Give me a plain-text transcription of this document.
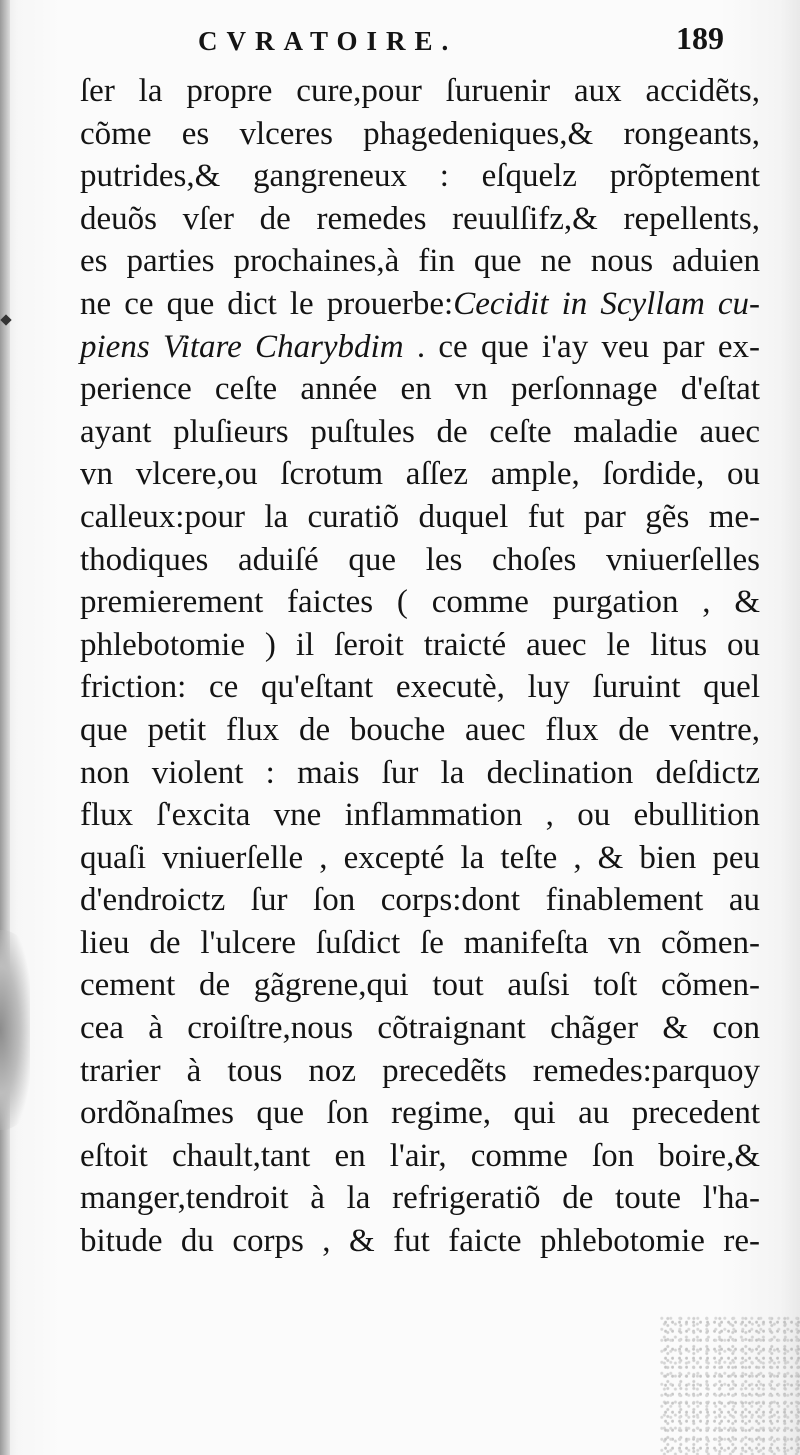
CVRATOIRE.	189
ſer la propre cure,pour ſuruenir aux accidẽts,
cõme es vlceres phagedeniques,& rongeants,
putrides,& gangreneux : eſquelz prõptement
deuõs vſer de remedes reuulſifz,& repellents,
es parties prochaines,à fin que ne nous aduien
ne ce que dict le prouerbe:Cecidit in Scyllam cu-
piens Vitare Charybdim . ce que i'ay veu par ex-
perience ceſte année en vn perſonnage d'eſtat
ayant pluſieurs puſtules de ceſte maladie auec
vn vlcere,ou ſcrotum aſſez ample, ſordide, ou
calleux:pour la curatiõ duquel fut par gẽs me-
thodiques aduiſé que les choſes vniuerſelles
premierement faictes ( comme purgation , &
phlebotomie ) il ſeroit traicté auec le litus ou
friction: ce qu'eſtant executè, luy ſuruint quel
que petit flux de bouche auec flux de ventre,
non violent : mais ſur la declination deſdictz
flux ſ'excita vne inflammation , ou ebullition
quaſi vniuerſelle , excepté la teſte , & bien peu
d'endroictz ſur ſon corps:dont finablement au
lieu de l'ulcere ſuſdict ſe manifeſta vn cõmen-
cement de gãgrene,qui tout auſsi toſt cõmen-
cea à croiſtre,nous cõtraignant chãger & con
trarier à tous noz precedẽts remedes:parquoy
ordõnaſmes que ſon regime, qui au precedent
eſtoit chault,tant en l'air, comme ſon boire,&
manger,tendroit à la refrigeratiõ de toute l'ha-
bitude du corps , & fut faicte phlebotomie re-
